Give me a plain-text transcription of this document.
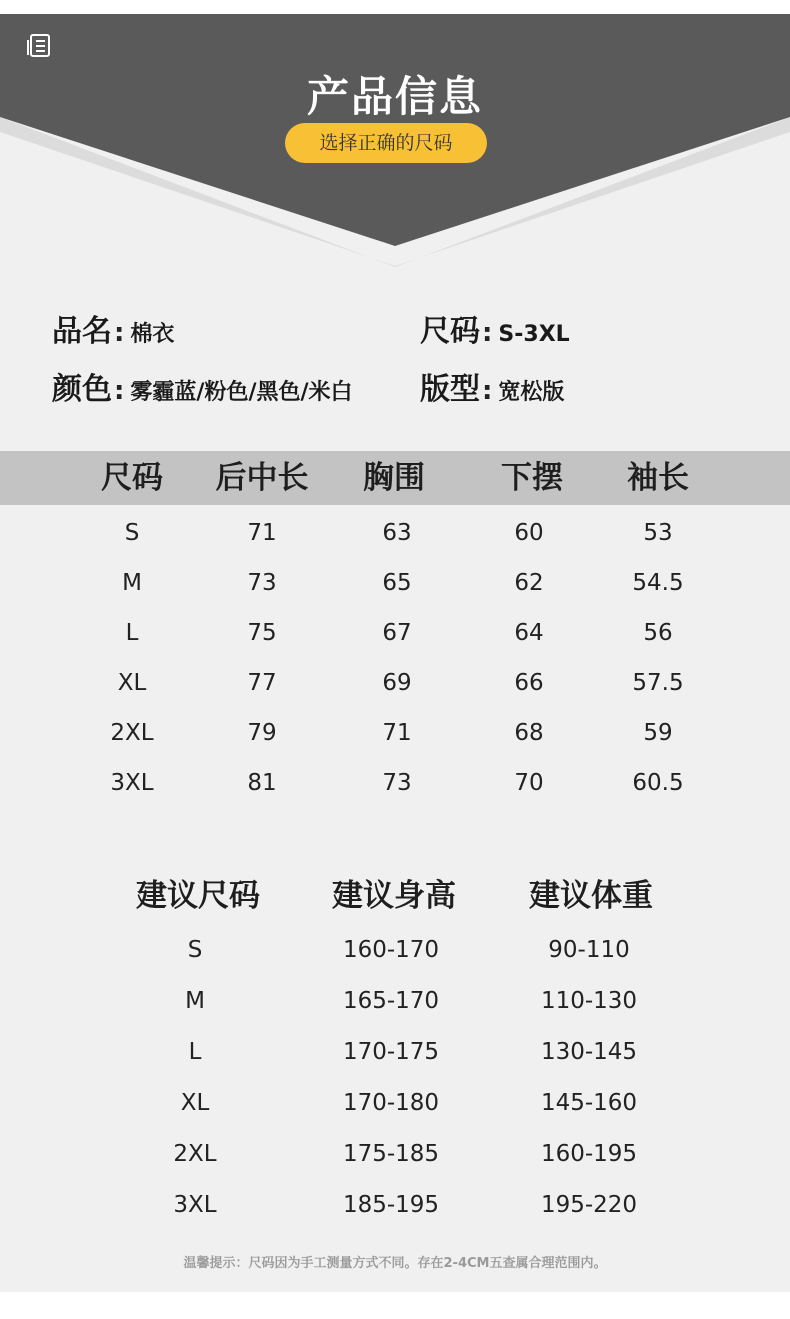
产品信息
选择正确的尺码
品名: 棉衣	尺码: S-3XL
颜色: 雾霾蓝/粉色/黑色/米白 版型: 宽松版
尺码	后中长	胸围	下摆	袖长
S	71	63	60	53
M	73	65	62	54.5
L	75	67	64	56
XL	77	69	66	57.5
2XL	79	71	68	59
3XL	81	73	70	60.5
建议尺码	建议身高	建议体重
S	160-170	90-110
M	165-170	110-130
L	170-175	130-145
XL	170-180	145-160
2XL	175-185	160-195
3XL	185-195	195-220
温馨提示：尺码因为手工测量方式不同。存在2-4CM五查属合理范围内。
